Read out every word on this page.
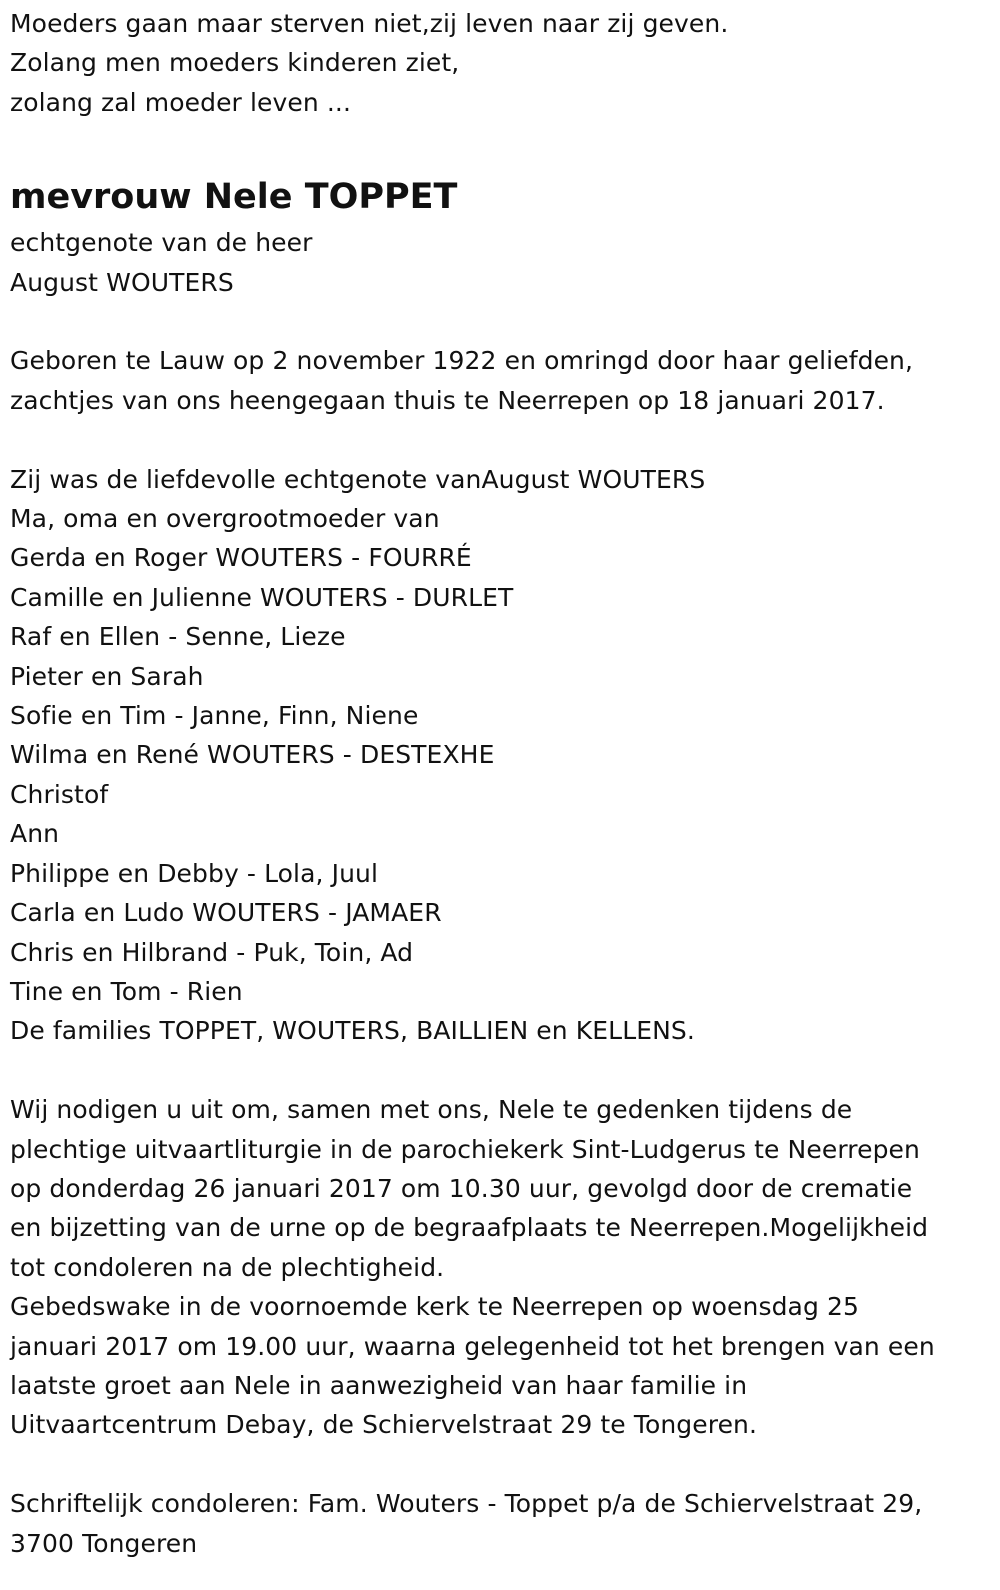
Moeders gaan maar sterven niet,zij leven naar zij geven.

Zolang men moeders kinderen ziet,

zolang zal moeder leven ...

mevrouw Nele TOPPET

echtgenote van de heer

August WOUTERS

Geboren te Lauw op 2 november 1922 en omringd door haar geliefden,

zachtjes van ons heengegaan thuis te Neerrepen op 18 januari 2017.

Zij was de liefdevolle echtgenote vanAugust WOUTERS

Ma, oma en overgrootmoeder van

Gerda en Roger WOUTERS - FOURRÉ

Camille en Julienne WOUTERS - DURLET

Raf en Ellen - Senne, Lieze

Pieter en Sarah

Sofie en Tim - Janne, Finn, Niene

Wilma en René WOUTERS - DESTEXHE

Christof

Ann

Philippe en Debby - Lola, Juul

Carla en Ludo WOUTERS - JAMAER

Chris en Hilbrand - Puk, Toin, Ad

Tine en Tom - Rien

De families TOPPET, WOUTERS, BAILLIEN en KELLENS.

Wij nodigen u uit om, samen met ons, Nele te gedenken tijdens de

plechtige uitvaartliturgie in de parochiekerk Sint-Ludgerus te Neerrepen

op donderdag 26 januari 2017 om 10.30 uur, gevolgd door de crematie

en bijzetting van de urne op de begraafplaats te Neerrepen.Mogelijkheid

tot condoleren na de plechtigheid.

Gebedswake in de voornoemde kerk te Neerrepen op woensdag 25

januari 2017 om 19.00 uur, waarna gelegenheid tot het brengen van een

laatste groet aan Nele in aanwezigheid van haar familie in

Uitvaartcentrum Debay, de Schiervelstraat 29 te Tongeren.

Schriftelijk condoleren: Fam. Wouters - Toppet p/a de Schiervelstraat 29,

3700 Tongeren
